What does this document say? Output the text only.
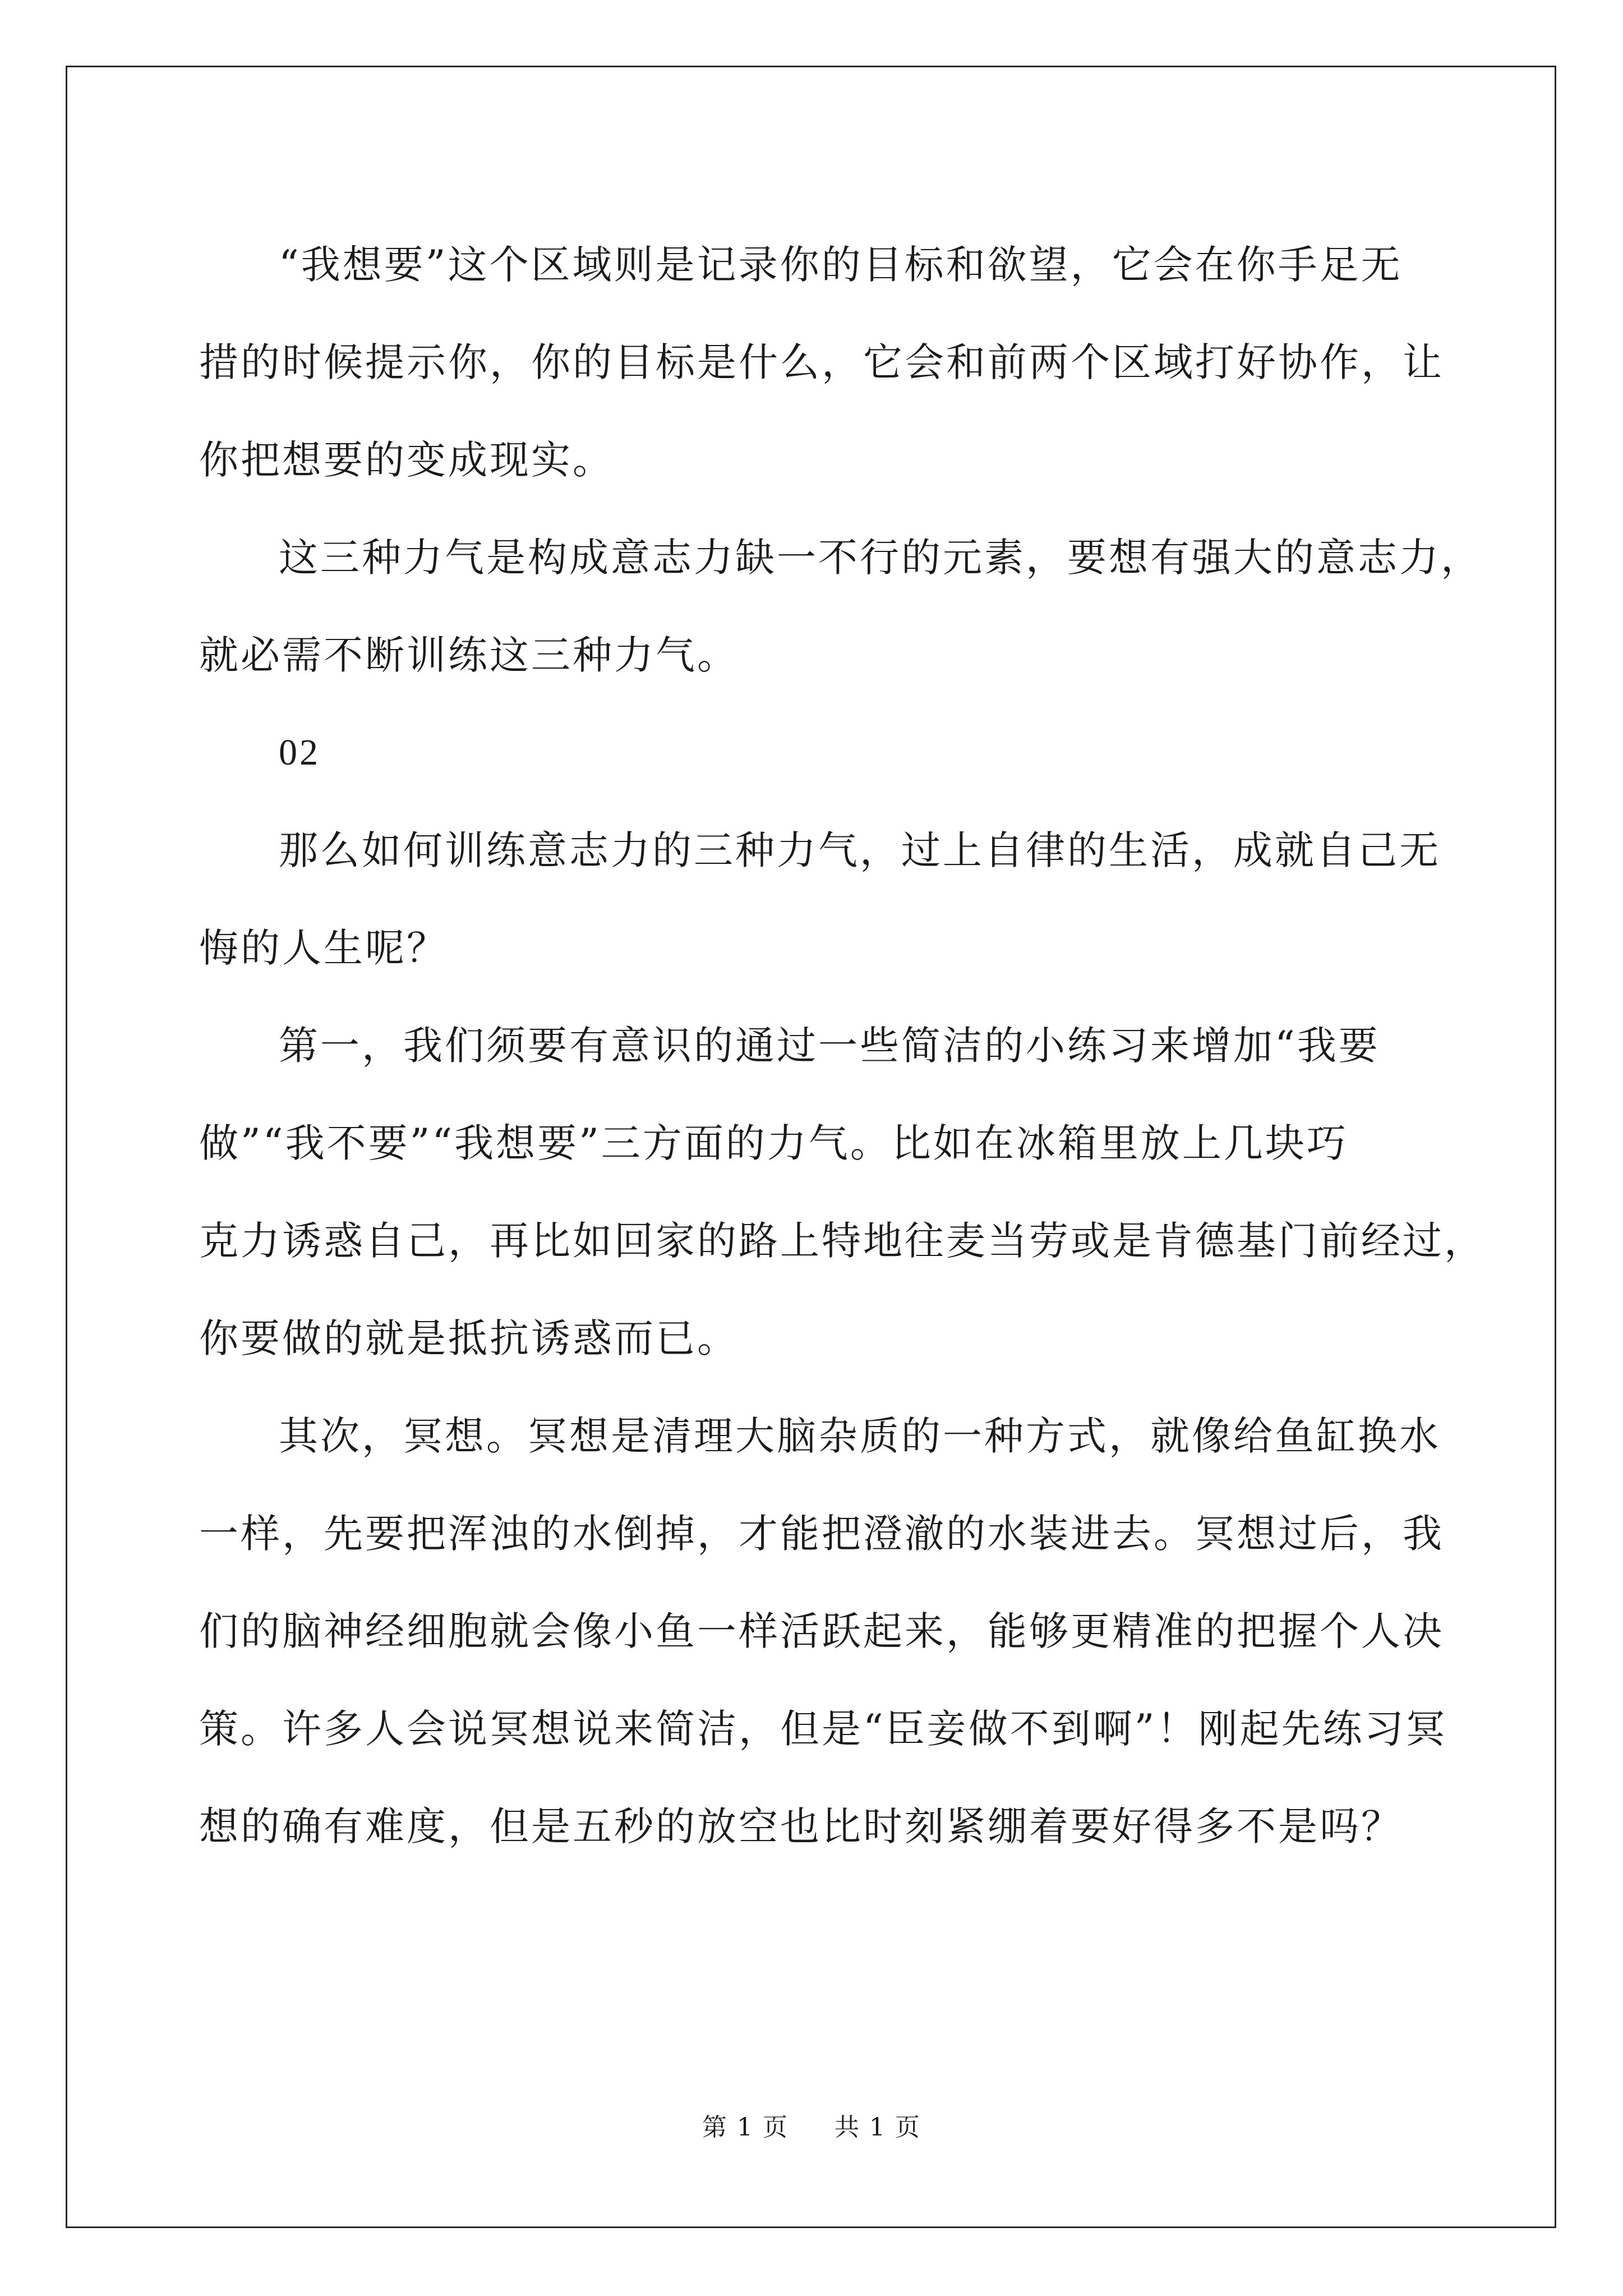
“我想要”这个区域则是记录你的目标和欲望，它会在你手足无
措的时候提示你，你的目标是什么，它会和前两个区域打好协作，让
你把想要的变成现实。
这三种力气是构成意志力缺一不行的元素，要想有强大的意志力，
就必需不断训练这三种力气。
02
那么如何训练意志力的三种力气，过上自律的生活，成就自己无
悔的人生呢？
第一，我们须要有意识的通过一些简洁的小练习来增加“我要
做”“我不要”“我想要”三方面的力气。比如在冰箱里放上几块巧
克力诱惑自己，再比如回家的路上特地往麦当劳或是肯德基门前经过，
你要做的就是抵抗诱惑而已。
其次，冥想。冥想是清理大脑杂质的一种方式，就像给鱼缸换水
一样，先要把浑浊的水倒掉，才能把澄澈的水装进去。冥想过后，我
们的脑神经细胞就会像小鱼一样活跃起来，能够更精准的把握个人决
策。许多人会说冥想说来简洁，但是“臣妾做不到啊”！刚起先练习冥
想的确有难度，但是五秒的放空也比时刻紧绷着要好得多不是吗？
第 1 页 共 1 页
